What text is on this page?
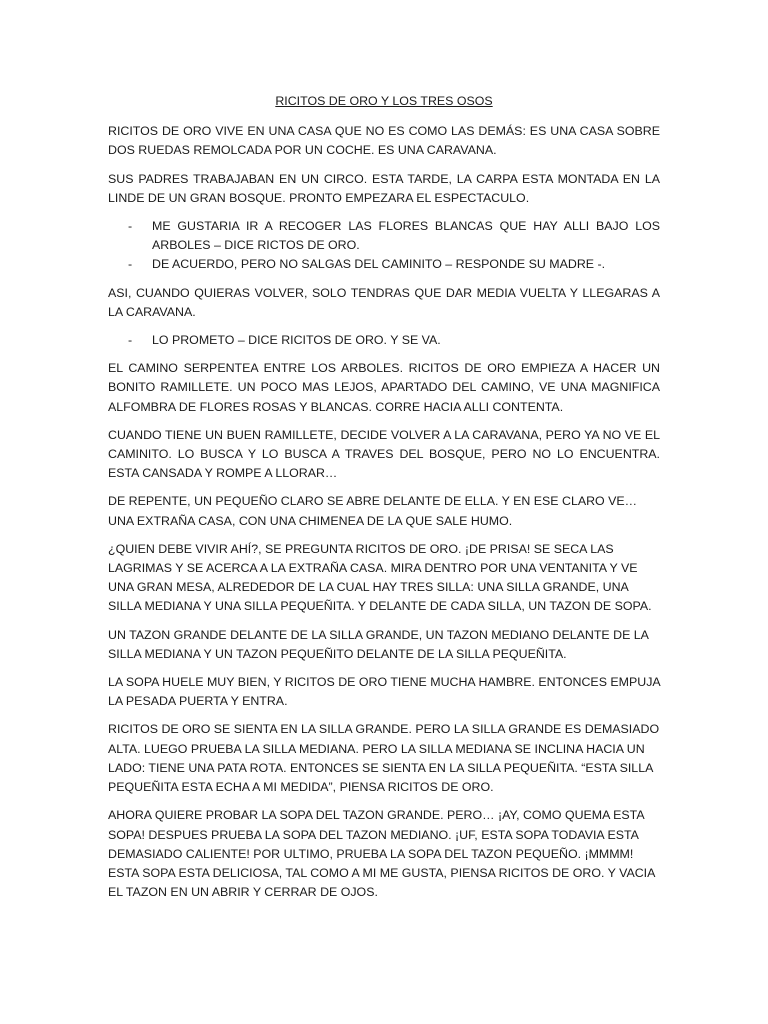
RICITOS DE ORO Y LOS TRES OSOS
RICITOS DE ORO VIVE EN UNA CASA QUE NO ES COMO LAS DEMÁS: ES UNA CASA SOBRE DOS RUEDAS REMOLCADA POR UN COCHE. ES UNA CARAVANA.
SUS PADRES TRABAJABAN EN UN CIRCO. ESTA TARDE, LA CARPA ESTA MONTADA EN LA LINDE DE UN GRAN BOSQUE. PRONTO EMPEZARA EL ESPECTACULO.
- ME GUSTARIA IR A RECOGER LAS FLORES BLANCAS QUE HAY ALLI BAJO LOS ARBOLES – DICE RICTOS DE ORO.
- DE ACUERDO, PERO NO SALGAS DEL CAMINITO – RESPONDE SU MADRE -.
ASI, CUANDO QUIERAS VOLVER, SOLO TENDRAS QUE DAR MEDIA VUELTA Y LLEGARAS A LA CARAVANA.
- LO PROMETO – DICE RICITOS DE ORO. Y SE VA.
EL CAMINO SERPENTEA ENTRE LOS ARBOLES. RICITOS DE ORO EMPIEZA A HACER UN BONITO RAMILLETE. UN POCO MAS LEJOS, APARTADO DEL CAMINO, VE UNA MAGNIFICA ALFOMBRA DE FLORES ROSAS Y BLANCAS. CORRE HACIA ALLI CONTENTA.
CUANDO TIENE UN BUEN RAMILLETE, DECIDE VOLVER A LA CARAVANA, PERO YA NO VE EL CAMINITO. LO BUSCA Y LO BUSCA A TRAVES DEL BOSQUE, PERO NO LO ENCUENTRA. ESTA CANSADA Y ROMPE A LLORAR…
DE REPENTE, UN PEQUEÑO CLARO SE ABRE DELANTE DE ELLA. Y EN ESE CLARO VE…UNA EXTRAÑA CASA, CON UNA CHIMENEA DE LA QUE SALE HUMO.
¿QUIEN DEBE VIVIR AHÍ?, SE PREGUNTA RICITOS DE ORO. ¡DE PRISA! SE SECA LAS LAGRIMAS Y SE ACERCA A LA EXTRAÑA CASA. MIRA DENTRO POR UNA VENTANITA Y VE UNA GRAN MESA, ALREDEDOR DE LA CUAL HAY TRES SILLA: UNA SILLA GRANDE, UNA SILLA MEDIANA Y UNA SILLA PEQUEÑITA. Y DELANTE DE CADA SILLA, UN TAZON DE SOPA.
UN TAZON GRANDE DELANTE DE LA SILLA GRANDE, UN TAZON MEDIANO DELANTE DE LA SILLA MEDIANA Y UN TAZON PEQUEÑITO DELANTE DE LA SILLA PEQUEÑITA.
LA SOPA HUELE MUY BIEN, Y RICITOS DE ORO TIENE MUCHA HAMBRE. ENTONCES EMPUJA LA PESADA PUERTA Y ENTRA.
RICITOS DE ORO SE SIENTA EN LA SILLA GRANDE. PERO LA SILLA GRANDE ES DEMASIADO ALTA. LUEGO PRUEBA LA SILLA MEDIANA. PERO LA SILLA MEDIANA SE INCLINA HACIA UN LADO: TIENE UNA PATA ROTA. ENTONCES SE SIENTA EN LA SILLA PEQUEÑITA. “ESTA SILLA PEQUEÑITA ESTA ECHA A MI MEDIDA”, PIENSA RICITOS DE ORO.
AHORA QUIERE PROBAR LA SOPA DEL TAZON GRANDE. PERO… ¡AY, COMO QUEMA ESTA SOPA! DESPUES PRUEBA LA SOPA DEL TAZON MEDIANO. ¡UF, ESTA SOPA TODAVIA ESTA DEMASIADO CALIENTE! POR ULTIMO, PRUEBA LA SOPA DEL TAZON PEQUEÑO. ¡MMMM! ESTA SOPA ESTA DELICIOSA, TAL COMO A MI ME GUSTA, PIENSA RICITOS DE ORO. Y VACIA EL TAZON EN UN ABRIR Y CERRAR DE OJOS.
